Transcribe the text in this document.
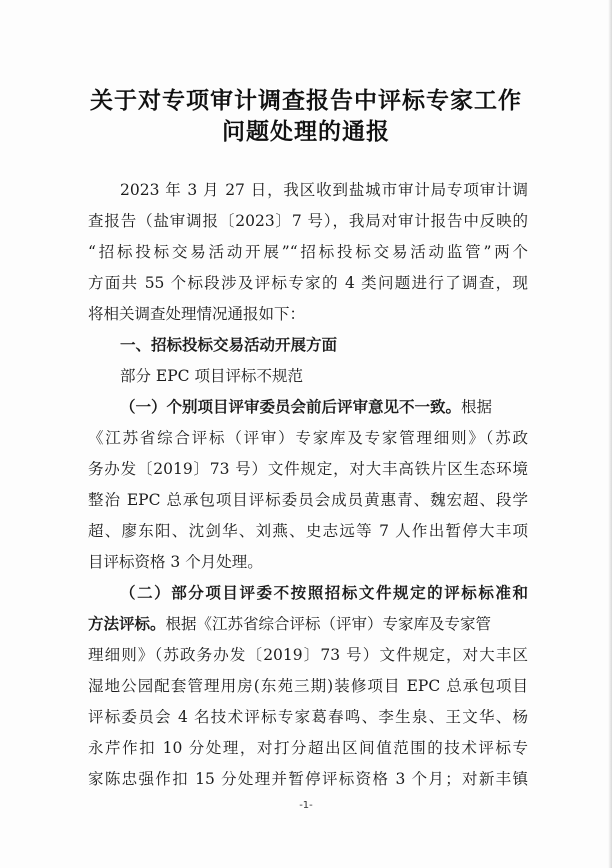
关于对专项审计调查报告中评标专家工作
问题处理的通报
2023 年 3 月 27 日，我区收到盐城市审计局专项审计调
查报告（盐审调报〔2023〕7 号），我局对审计报告中反映的
“招标投标交易活动开展”“招标投标交易活动监管”两个
方面共 55 个标段涉及评标专家的 4 类问题进行了调查，现
将相关调查处理情况通报如下：
一、招标投标交易活动开展方面
部分 EPC 项目评标不规范
（一）个别项目评审委员会前后评审意见不一致。根据
《江苏省综合评标（评审）专家库及专家管理细则》（苏政
务办发〔2019〕73 号）文件规定，对大丰高铁片区生态环境
整治 EPC 总承包项目评标委员会成员黄惠青、魏宏超、段学
超、廖东阳、沈剑华、刘燕、史志远等 7 人作出暂停大丰项
目评标资格 3 个月处理。
（二）部分项目评委不按照招标文件规定的评标标准和
方法评标。根据《江苏省综合评标（评审）专家库及专家管
理细则》（苏政务办发〔2019〕73 号）文件规定，对大丰区
湿地公园配套管理用房(东苑三期)装修项目 EPC 总承包项目
评标委员会 4 名技术评标专家葛春鸣、李生泉、王文华、杨
永芹作扣 10 分处理，对打分超出区间值范围的技术评标专
家陈忠强作扣 15 分处理并暂停评标资格 3 个月；对新丰镇
-1-
